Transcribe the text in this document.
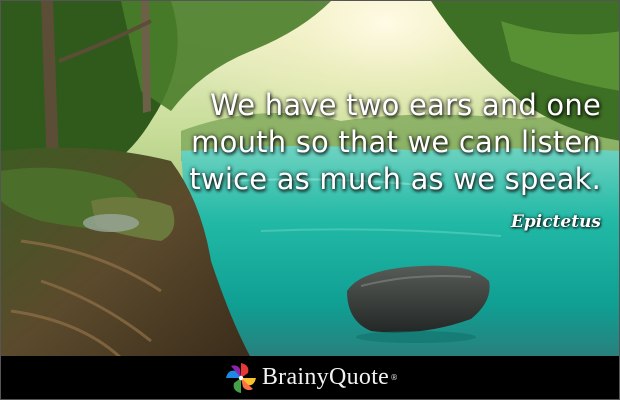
We have two ears and one
mouth so that we can listen
twice as much as we speak.
Epictetus
BrainyQuote ®
